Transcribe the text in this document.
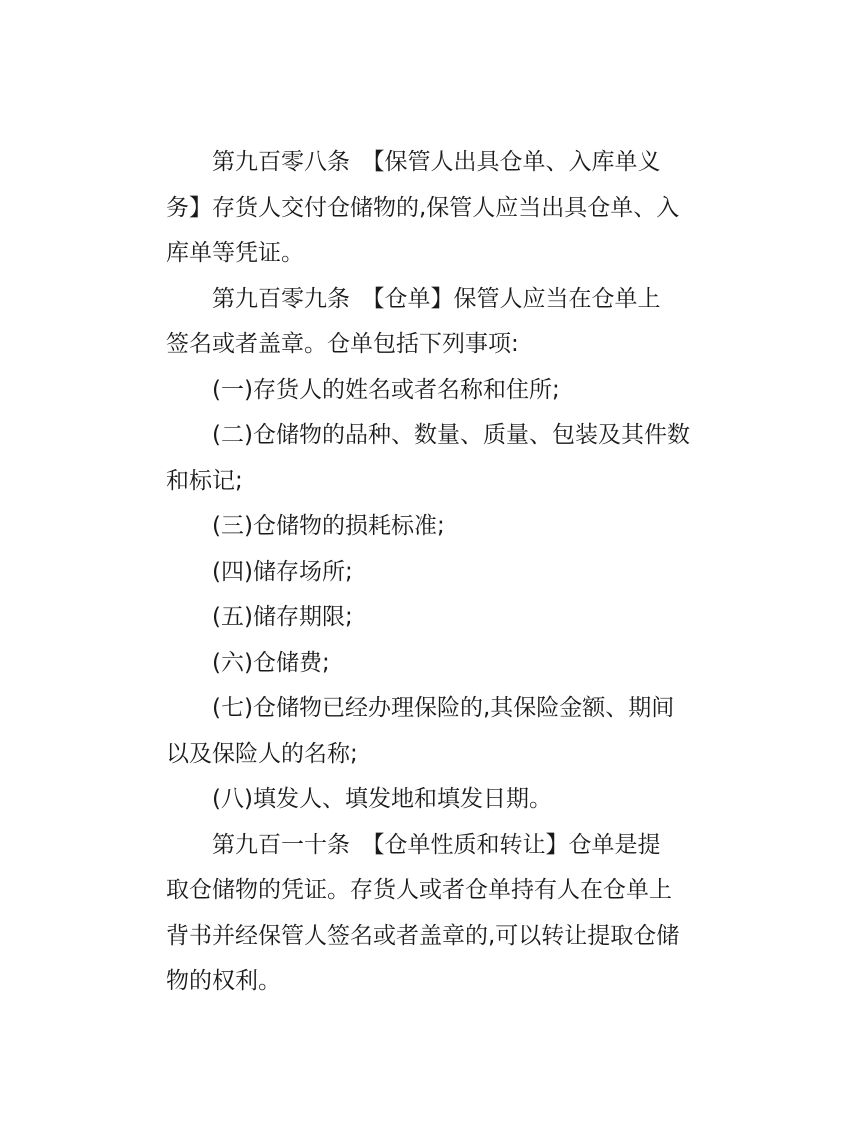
第九百零八条　【保管人出具仓单、入库单义
务】存货人交付仓储物的,保管人应当出具仓单、入
库单等凭证。
第九百零九条　【仓单】保管人应当在仓单上
签名或者盖章。仓单包括下列事项:
(一)存货人的姓名或者名称和住所;
(二)仓储物的品种、数量、质量、包装及其件数
和标记;
(三)仓储物的损耗标准;
(四)储存场所;
(五)储存期限;
(六)仓储费;
(七)仓储物已经办理保险的,其保险金额、期间
以及保险人的名称;
(八)填发人、填发地和填发日期。
第九百一十条　【仓单性质和转让】仓单是提
取仓储物的凭证。存货人或者仓单持有人在仓单上
背书并经保管人签名或者盖章的,可以转让提取仓储
物的权利。
